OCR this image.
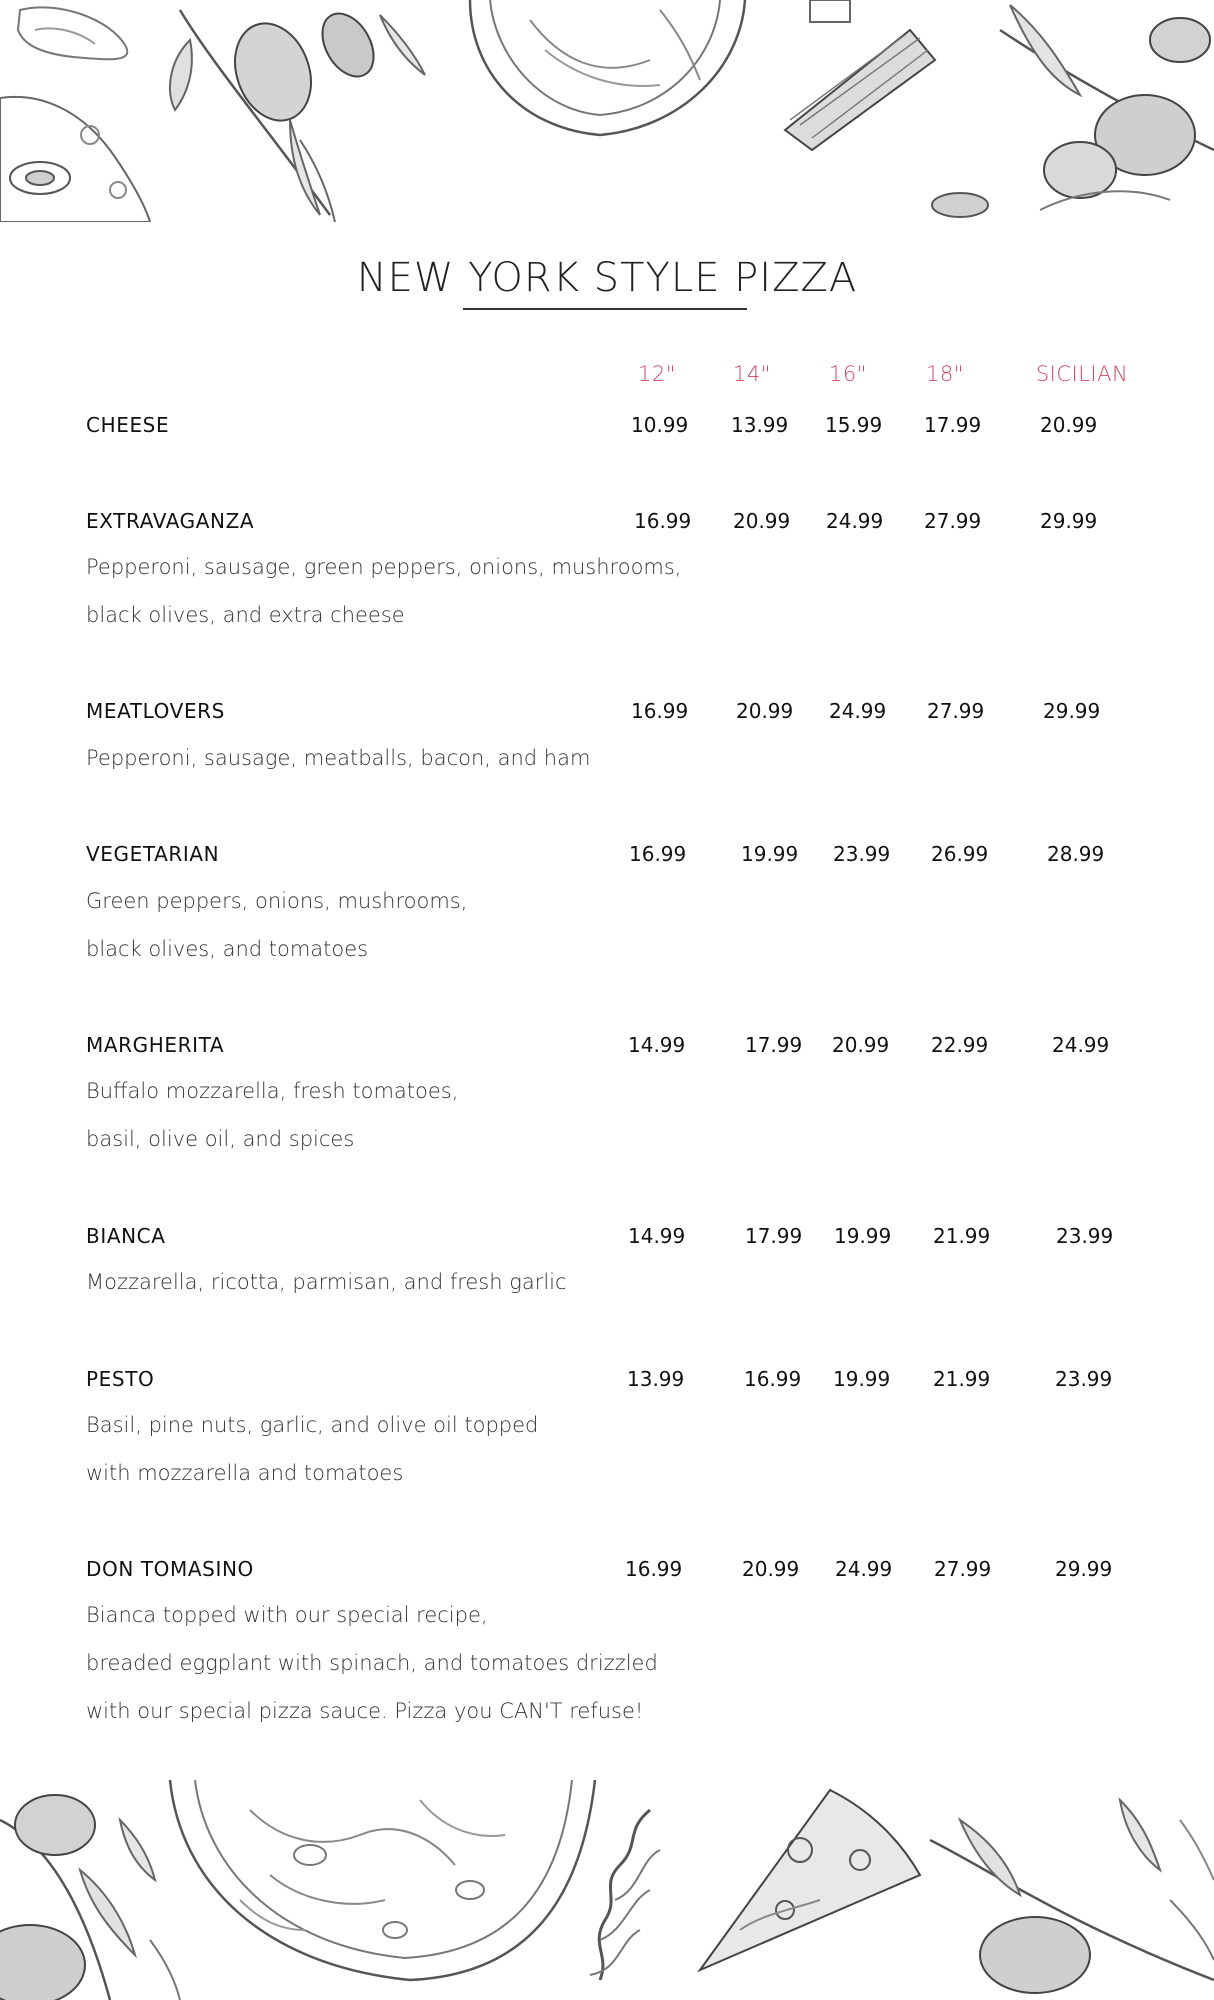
NEW YORK STYLE PIZZA
12"	14"	16"	18"	SICILIAN
CHEESE	10.99 13.99 15.99 17.99	20.99
EXTRAVAGANZA	16.99 20.99 24.99 27.99	29.99
Pepperoni, sausage, green peppers, onions, mushrooms,
black olives, and extra cheese
MEATLOVERS	16.99 20.99 24.99 27.99	29.99
Pepperoni, sausage, meatballs, bacon, and ham
VEGETARIAN	16.99	19.99 23.99 26.99	28.99
Green peppers, onions, mushrooms,
black olives, and tomatoes
MARGHERITA	14.99	17.99 20.99 22.99	24.99
Buffalo mozzarella, fresh tomatoes,
basil, olive oil, and spices
BIANCA	14.99	17.99 19.99 21.99	23.99
Mozzarella, ricotta, parmisan, and fresh garlic
PESTO	13.99	16.99 19.99 21.99	23.99
Basil, pine nuts, garlic, and olive oil topped
with mozzarella and tomatoes
DON TOMASINO	16.99	20.99 24.99 27.99	29.99
Bianca topped with our special recipe,
breaded eggplant with spinach, and tomatoes drizzled
with our special pizza sauce. Pizza you CAN'T refuse!
